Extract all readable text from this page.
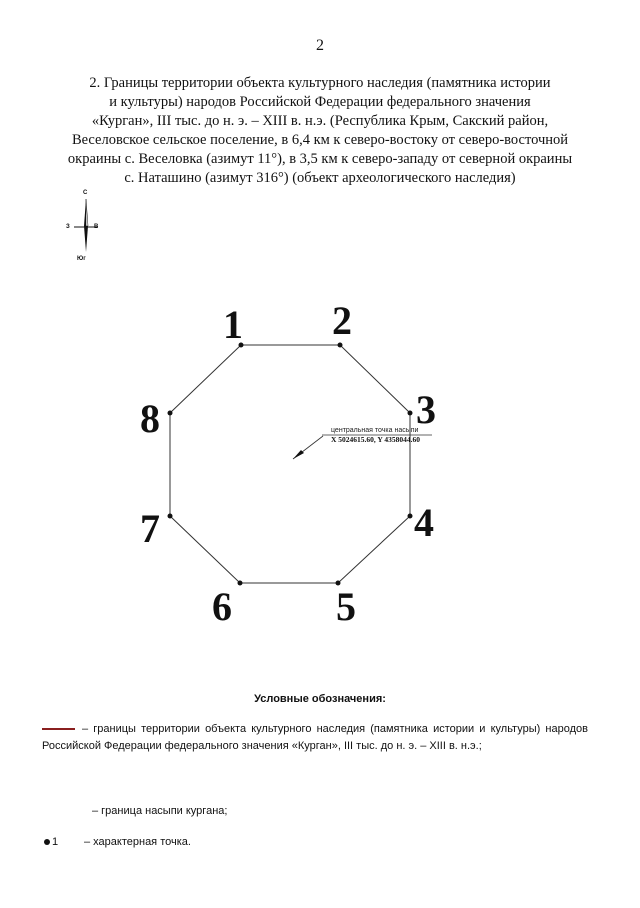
2
2. Границы территории объекта культурного наследия (памятника истории
и культуры) народов Российской Федерации федерального значения
«Курган», III тыс. до н. э. – XIII в. н.э. (Республика Крым, Сакский район,
Веселовское сельское поселение, в 6,4 км к северо-востоку от северо-восточной
окраины с. Веселовка (азимут 11°), в 3,5 км к северо-западу от северной окраины
с. Наташино (азимут 316°) (объект археологического наследия)
С
З	В
Юг
1 2
3
4
5
6
7
8	центральная точка насыпи
X 5024615.60, Y 4358044.60
Условные обозначения:
– границы территории объекта культурного наследия (памятника истории и культуры) народов Российской Федерации федерального значения «Курган», III тыс. до н. э. – XIII в. н.э.;
– граница насыпи кургана;
1 – характерная точка.
